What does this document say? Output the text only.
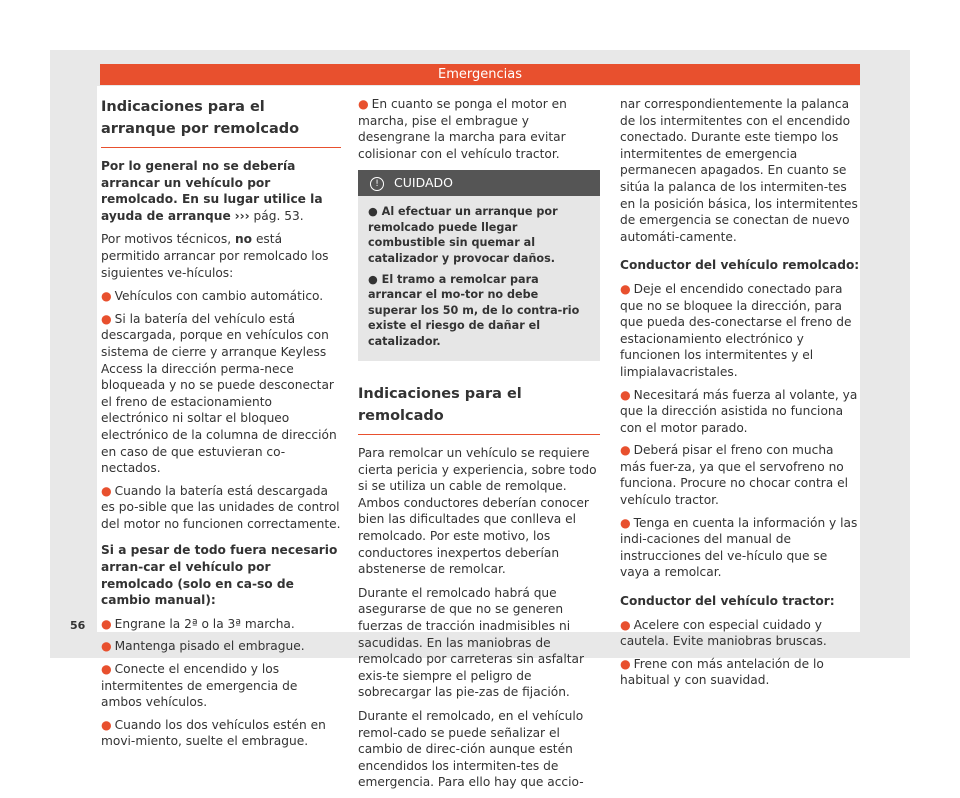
Emergencias

Indicaciones para el arranque por remolcado

Por lo general no se debería arrancar un vehículo por remolcado. En su lugar utilice la ayuda de arranque ››› pág. 53.

Por motivos técnicos, no está permitido arrancar por remolcado los siguientes ve-hículos:

● Vehículos con cambio automático.
● Si la batería del vehículo está descargada, porque en vehículos con sistema de cierre y arranque Keyless Access la dirección perma-nece bloqueada y no se puede desconectar el freno de estacionamiento electrónico ni soltar el bloqueo electrónico de la columna de dirección en caso de que estuvieran co-nectados.
● Cuando la batería está descargada es po-sible que las unidades de control del motor no funcionen correctamente.

Si a pesar de todo fuera necesario arran-car el vehículo por remolcado (solo en ca-so de cambio manual):

● Engrane la 2ª o la 3ª marcha.
● Mantenga pisado el embrague.
● Conecte el encendido y los intermitentes de emergencia de ambos vehículos.
● Cuando los dos vehículos estén en movi-miento, suelte el embrague.
● En cuanto se ponga el motor en marcha, pise el embrague y desengrane la marcha para evitar colisionar con el vehículo tractor.
! CUIDADO
● Al efectuar un arranque por remolcado puede llegar combustible sin quemar al catalizador y provocar daños.
● El tramo a remolcar para arrancar el mo-tor no debe superar los 50 m, de lo contra-rio existe el riesgo de dañar el catalizador.

Indicaciones para el remolcado

Para remolcar un vehículo se requiere cierta pericia y experiencia, sobre todo si se utiliza un cable de remolque. Ambos conductores deberían conocer bien las dificultades que conlleva el remolcado. Por este motivo, los conductores inexpertos deberían abstenerse de remolcar.

Durante el remolcado habrá que asegurarse de que no se generen fuerzas de tracción inadmisibles ni sacudidas. En las maniobras de remolcado por carreteras sin asfaltar exis-te siempre el peligro de sobrecargar las pie-zas de fijación.

Durante el remolcado, en el vehículo remol-cado se puede señalizar el cambio de direc-ción aunque estén encendidos los intermiten-tes de emergencia. Para ello hay que accio-

nar correspondientemente la palanca de los intermitentes con el encendido conectado. Durante este tiempo los intermitentes de emergencia permanecen apagados. En cuanto se sitúa la palanca de los intermiten-tes en la posición básica, los intermitentes de emergencia se conectan de nuevo automáti-camente.

Conductor del vehículo remolcado:

● Deje el encendido conectado para que no se bloquee la dirección, para que pueda des-conectarse el freno de estacionamiento electrónico y funcionen los intermitentes y el limpialavacristales.
● Necesitará más fuerza al volante, ya que la dirección asistida no funciona con el motor parado.
● Deberá pisar el freno con mucha más fuer-za, ya que el servofreno no funciona. Procure no chocar contra el vehículo tractor.
● Tenga en cuenta la información y las indi-caciones del manual de instrucciones del ve-hículo que se vaya a remolcar.

Conductor del vehículo tractor:

● Acelere con especial cuidado y cautela. Evite maniobras bruscas.
● Frene con más antelación de lo habitual y con suavidad.
56
